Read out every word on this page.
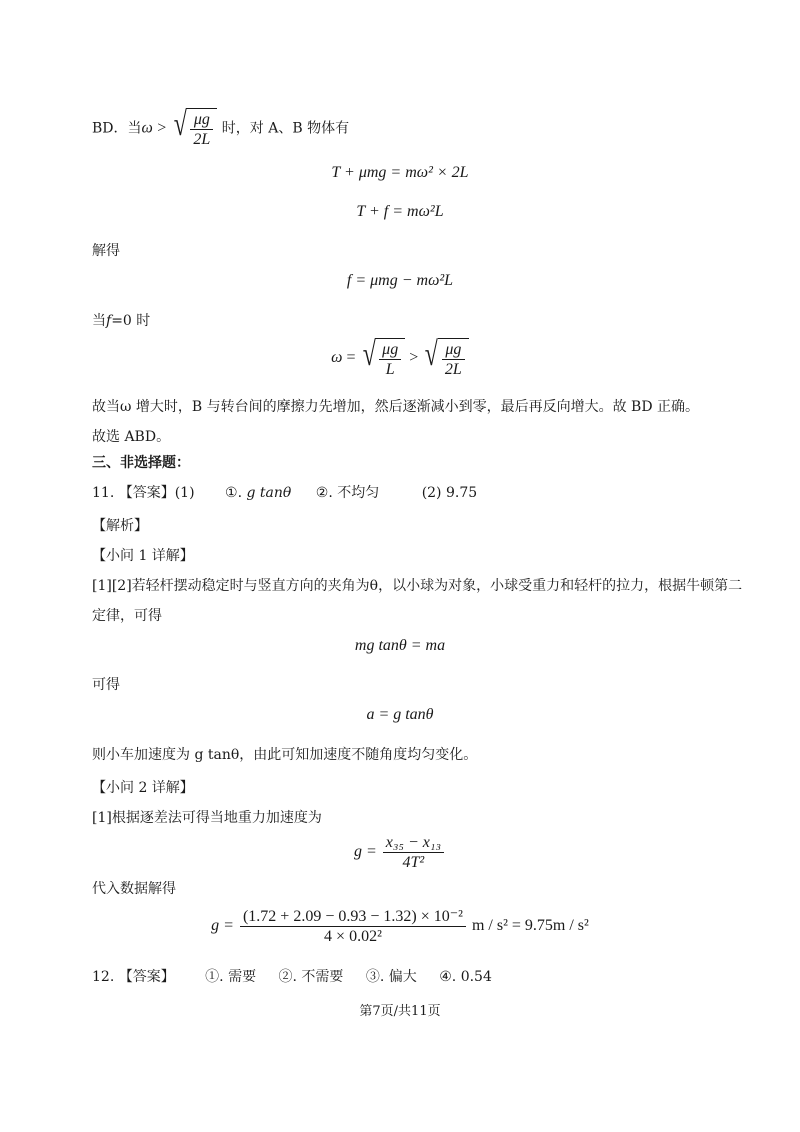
BD．当ω > √ $\frac{\mu g}{2L}$ 时，对 A、B 物体有
T + μmg = mω² × 2L
T + f = mω²L
解得
f = μmg − mω²L
当f=0 时
ω = √ $\frac{\mu g}{L}$ > √ $\frac{\mu g}{2L}$
故当ω 增大时，B 与转台间的摩擦力先增加，然后逐渐减小到零，最后再反向增大。故 BD 正确。
故选 ABD。
三、非选择题：
11. 【答案】(1) ①. g tanθ ②. 不均匀	(2) 9.75
【解析】
【小问 1 详解】
[1][2]若轻杆摆动稳定时与竖直方向的夹角为θ，以小球为对象，小球受重力和轻杆的拉力，根据牛顿第二
定律，可得
mg tanθ = ma
可得
a = g tanθ
则小车加速度为 g tanθ，由此可知加速度不随角度均匀变化。
【小问 2 详解】
[1]根据逐差法可得当地重力加速度为
$g = \frac{\text{x₃₅ − x₁₃}}{\text{4T²}}$
代入数据解得
$g = \frac{\text{(1.72 + 2.09 − 0.93 − 1.32) × 10⁻²}}{\text{4 × 0.02²}}$ m / s² = 9.75m / s²
12. 【答案】 ①. 需要 ②. 不需要 ③. 偏大 ④. 0.54
第7页/共11页
